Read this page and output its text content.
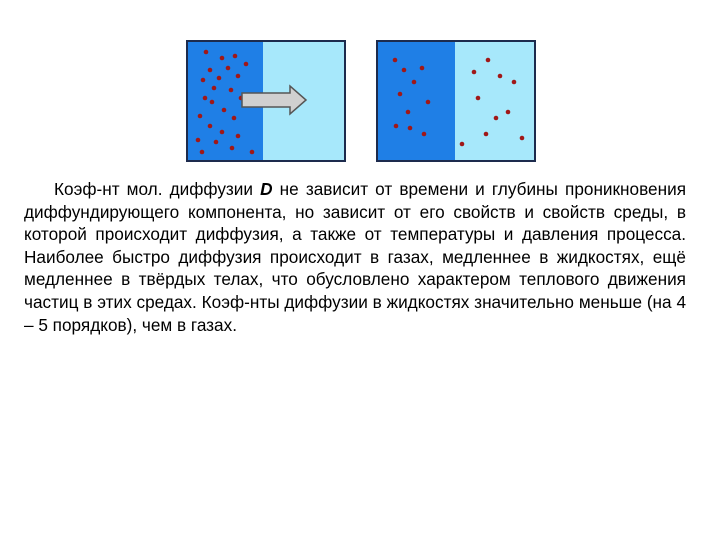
Коэф-нт мол. диффузии D не зависит от времени и глубины проникновения диффундирующего компонента, но зависит от его свойств и свойств среды, в которой происходит диффузия, а также от температуры и давления процесса. Наиболее быстро диффузия происходит в газах, медленнее в жидкостях, ещё медленнее в твёрдых телах, что обусловлено характером теплового движения частиц в этих средах. Коэф-нты диффузии в жидкостях значительно меньше (на 4 – 5 порядков), чем в газах.
